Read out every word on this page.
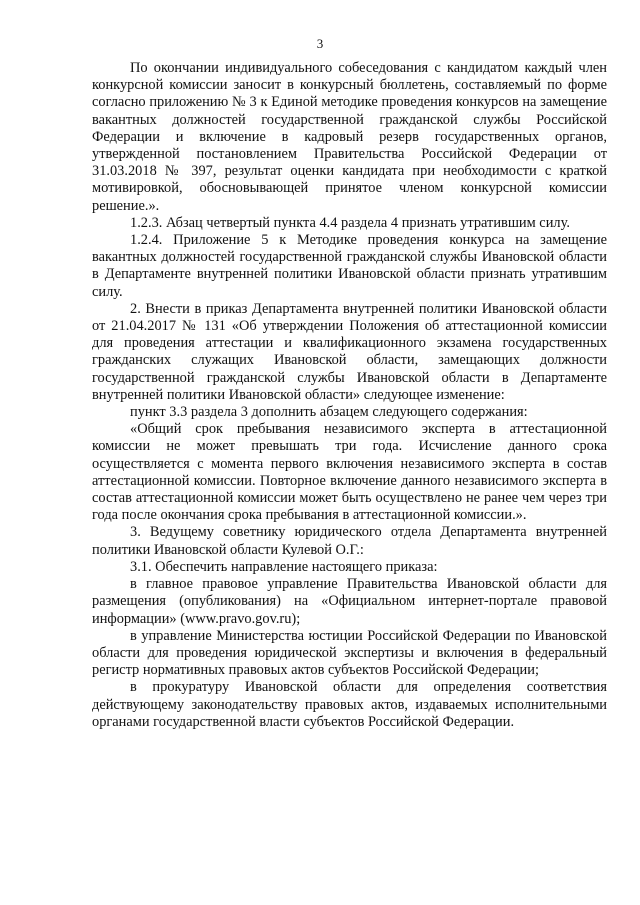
3

По окончании индивидуального собеседования с кандидатом каждый член конкурсной комиссии заносит в конкурсный бюллетень, составляемый по форме согласно приложению № 3 к Единой методике проведения конкурсов на замещение вакантных должностей государственной гражданской службы Российской Федерации и включение в кадровый резерв государственных органов, утвержденной постановлением Правительства Российской Федерации от 31.03.2018 № 397, результат оценки кандидата при необходимости с краткой мотивировкой, обосновывающей принятое членом конкурсной комиссии решение.».

1.2.3. Абзац четвертый пункта 4.4 раздела 4 признать утратившим силу.

1.2.4. Приложение 5 к Методике проведения конкурса на замещение вакантных должностей государственной гражданской службы Ивановской области в Департаменте внутренней политики Ивановской области признать утратившим силу.

2. Внести в приказ Департамента внутренней политики Ивановской области от 21.04.2017 № 131 «Об утверждении Положения об аттестационной комиссии для проведения аттестации и квалификационного экзамена государственных гражданских служащих Ивановской области, замещающих должности государственной гражданской службы Ивановской области в Департаменте внутренней политики Ивановской области» следующее изменение:

пункт 3.3 раздела 3 дополнить абзацем следующего содержания:

«Общий срок пребывания независимого эксперта в аттестационной комиссии не может превышать три года. Исчисление данного срока осуществляется с момента первого включения независимого эксперта в состав аттестационной комиссии. Повторное включение данного независимого эксперта в состав аттестационной комиссии может быть осуществлено не ранее чем через три года после окончания срока пребывания в аттестационной комиссии.».

3. Ведущему советнику юридического отдела Департамента внутренней политики Ивановской области Кулевой О.Г.:

3.1. Обеспечить направление настоящего приказа:

в главное правовое управление Правительства Ивановской области для размещения (опубликования) на «Официальном интернет-портале правовой информации» (www.pravo.gov.ru);

в управление Министерства юстиции Российской Федерации по Ивановской области для проведения юридической экспертизы и включения в федеральный регистр нормативных правовых актов субъектов Российской Федерации;

в прокуратуру Ивановской области для определения соответствия действующему законодательству правовых актов, издаваемых исполнительными органами государственной власти субъектов Российской Федерации.
